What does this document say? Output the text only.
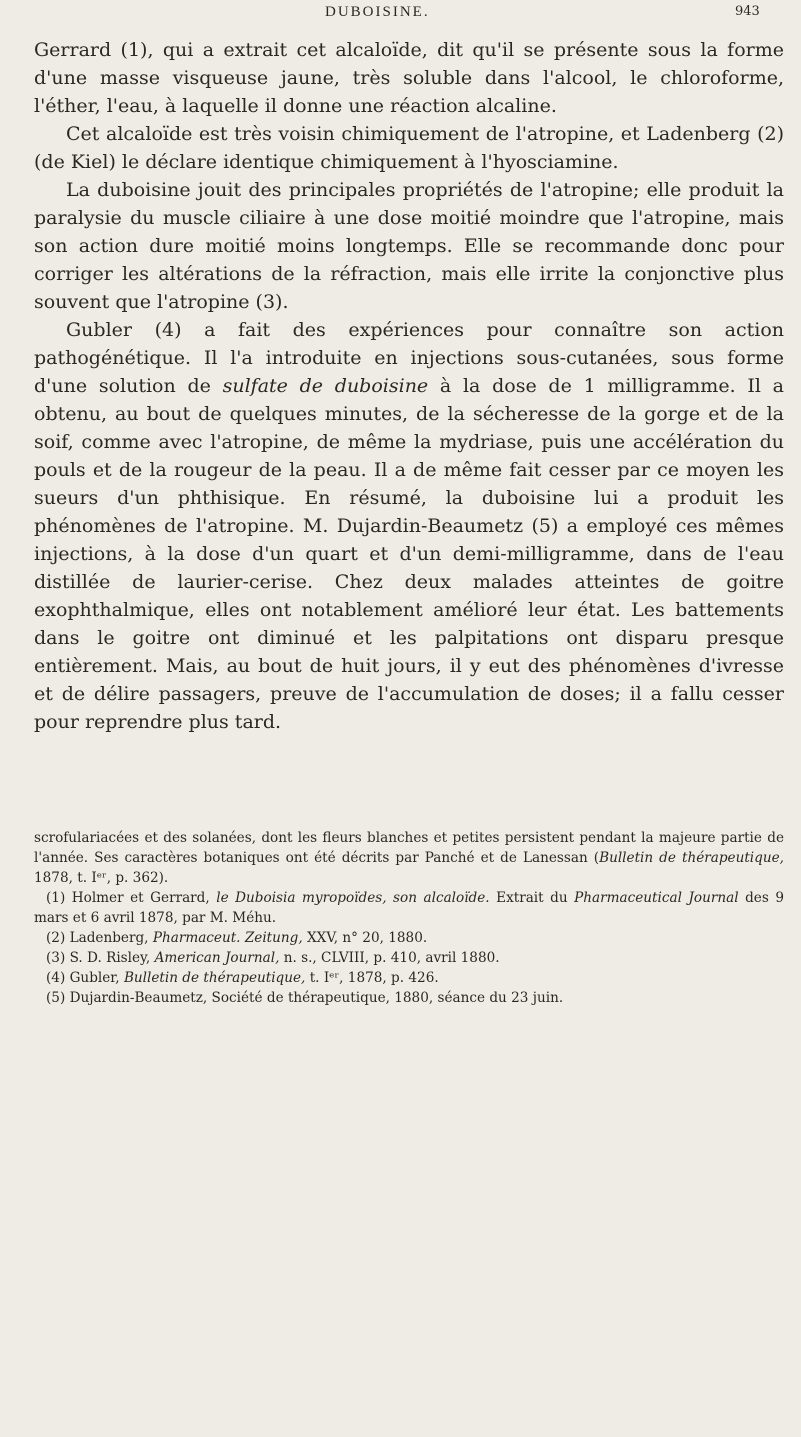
DUBOISINE.	943

Gerrard (1), qui a extrait cet alcaloïde, dit qu'il se présente sous la forme d'une masse visqueuse jaune, très soluble dans l'alcool, le chloroforme, l'éther, l'eau, à laquelle il donne une réaction alcaline.

Cet alcaloïde est très voisin chimiquement de l'atropine, et Ladenberg (2) (de Kiel) le déclare identique chimiquement à l'hyosciamine.

La duboisine jouit des principales propriétés de l'atropine; elle produit la paralysie du muscle ciliaire à une dose moitié moindre que l'atropine, mais son action dure moitié moins longtemps. Elle se recommande donc pour corriger les altérations de la réfraction, mais elle irrite la conjonctive plus souvent que l'atropine (3).

Gubler (4) a fait des expériences pour connaître son action pathogénétique. Il l'a introduite en injections sous-cutanées, sous forme d'une solution de sulfate de duboisine à la dose de 1 milligramme. Il a obtenu, au bout de quelques minutes, de la sécheresse de la gorge et de la soif, comme avec l'atropine, de même la mydriase, puis une accélération du pouls et de la rougeur de la peau. Il a de même fait cesser par ce moyen les sueurs d'un phthisique. En résumé, la duboisine lui a produit les phénomènes de l'atropine. M. Dujardin-Beaumetz (5) a employé ces mêmes injections, à la dose d'un quart et d'un demi-milligramme, dans de l'eau distillée de laurier-cerise. Chez deux malades atteintes de goitre exophthalmique, elles ont notablement amélioré leur état. Les battements dans le goitre ont diminué et les palpitations ont disparu presque entièrement. Mais, au bout de huit jours, il y eut des phénomènes d'ivresse et de délire passagers, preuve de l'accumulation de doses; il a fallu cesser pour reprendre plus tard.

scrofulariacées et des solanées, dont les fleurs blanches et petites persistent pendant la majeure partie de l'année. Ses caractères botaniques ont été décrits par Panché et de Lanessan (Bulletin de thérapeutique, 1878, t. Iᵉʳ, p. 362).

(1) Holmer et Gerrard, le Duboisia myropoïdes, son alcaloïde. Extrait du Pharmaceutical Journal des 9 mars et 6 avril 1878, par M. Méhu.

(2) Ladenberg, Pharmaceut. Zeitung, XXV, n° 20, 1880.

(3) S. D. Risley, American Journal, n. s., CLVIII, p. 410, avril 1880.

(4) Gubler, Bulletin de thérapeutique, t. Iᵉʳ, 1878, p. 426.

(5) Dujardin-Beaumetz, Société de thérapeutique, 1880, séance du 23 juin.
